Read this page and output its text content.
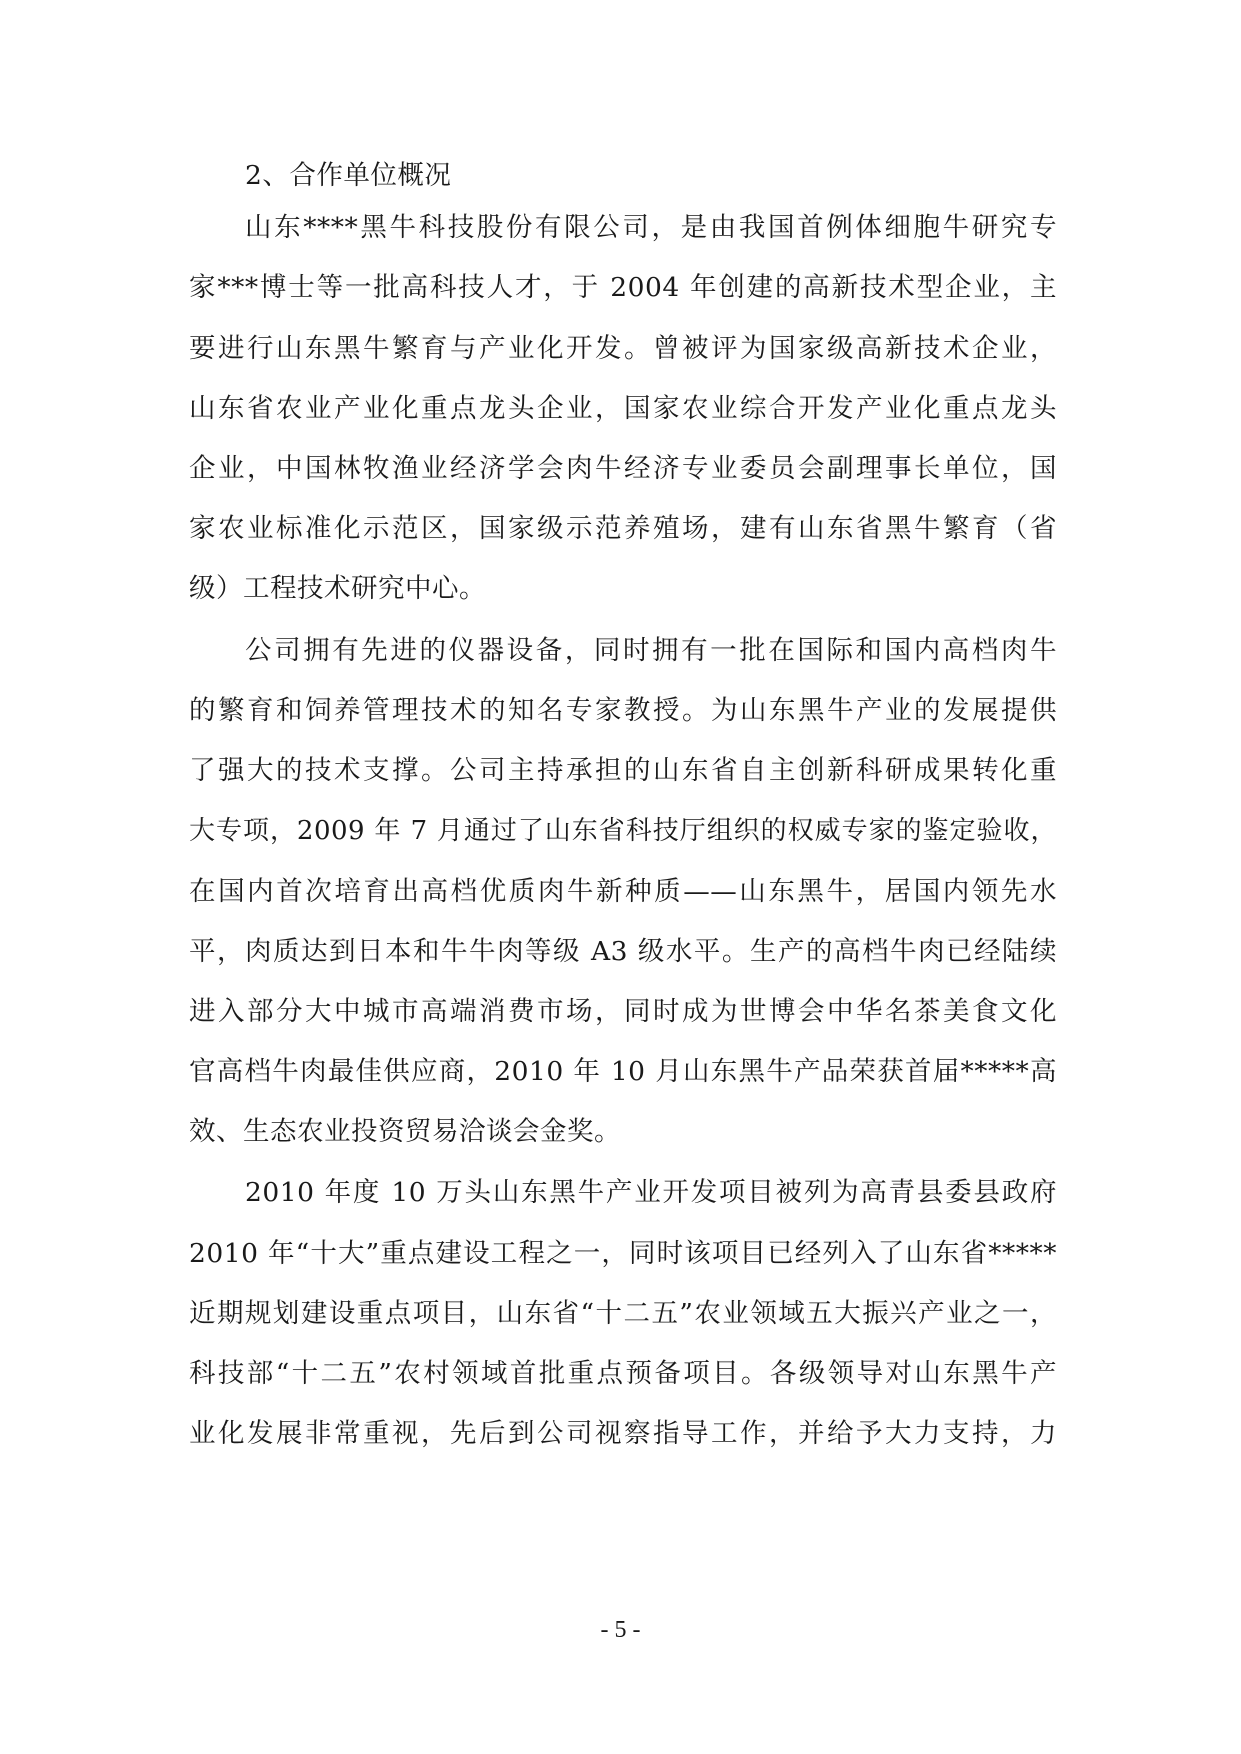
2、合作单位概况
山东****黑牛科技股份有限公司，是由我国首例体细胞牛研究专
家***博士等一批高科技人才，于 2004 年创建的高新技术型企业，主
要进行山东黑牛繁育与产业化开发。曾被评为国家级高新技术企业，
山东省农业产业化重点龙头企业，国家农业综合开发产业化重点龙头
企业，中国林牧渔业经济学会肉牛经济专业委员会副理事长单位，国
家农业标准化示范区，国家级示范养殖场，建有山东省黑牛繁育（省
级）工程技术研究中心。
公司拥有先进的仪器设备，同时拥有一批在国际和国内高档肉牛
的繁育和饲养管理技术的知名专家教授。为山东黑牛产业的发展提供
了强大的技术支撑。公司主持承担的山东省自主创新科研成果转化重
大专项，2009 年 7 月通过了山东省科技厅组织的权威专家的鉴定验收，
在国内首次培育出高档优质肉牛新种质——山东黑牛，居国内领先水
平，肉质达到日本和牛牛肉等级 A3 级水平。生产的高档牛肉已经陆续
进入部分大中城市高端消费市场，同时成为世博会中华名茶美食文化
官高档牛肉最佳供应商，2010 年 10 月山东黑牛产品荣获首届*****高
效、生态农业投资贸易洽谈会金奖。
2010 年度 10 万头山东黑牛产业开发项目被列为高青县委县政府
2010 年“十大”重点建设工程之一，同时该项目已经列入了山东省*****
近期规划建设重点项目，山东省“十二五”农业领域五大振兴产业之一，
科技部“十二五”农村领域首批重点预备项目。各级领导对山东黑牛产
业化发展非常重视，先后到公司视察指导工作，并给予大力支持，力
- 5 -
